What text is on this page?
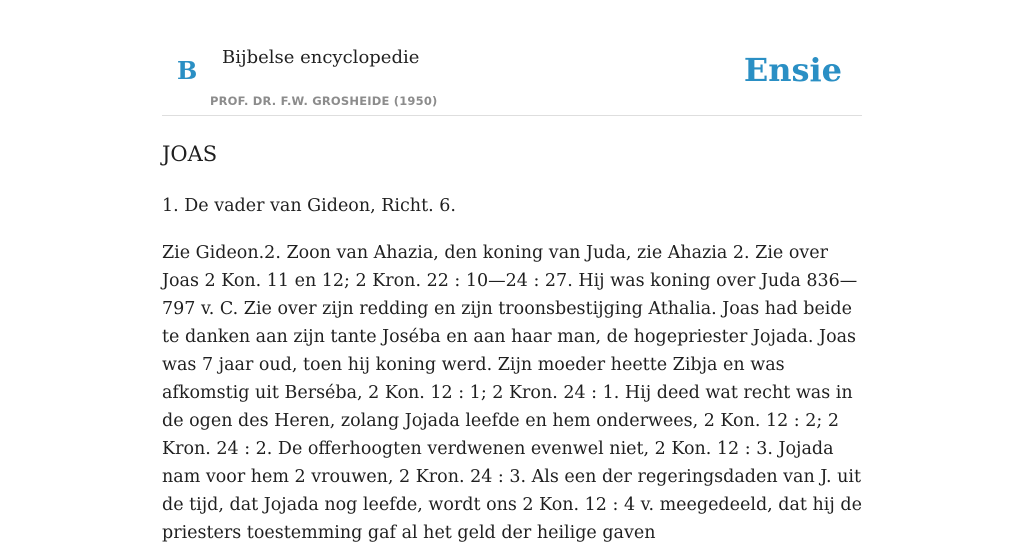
B Bijbelse encyclopedie
PROF. DR. F.W. GROSHEIDE (1950)
Ensie
JOAS

1. De vader van Gideon, Richt. 6.

Zie Gideon.2. Zoon van Ahazia, den koning van Juda, zie Ahazia 2. Zie over Joas 2 Kon. 11 en 12; 2 Kron. 22 : 10—24 : 27. Hij was koning over Juda 836—797 v. C. Zie over zijn redding en zijn troonsbestijging Athalia. Joas had beide te danken aan zijn tante Joséba en aan haar man, de hogepriester Jojada. Joas was 7 jaar oud, toen hij koning werd. Zijn moeder heette Zibja en was afkomstig uit Berséba, 2 Kon. 12 : 1; 2 Kron. 24 : 1. Hij deed wat recht was in de ogen des Heren, zolang Jojada leefde en hem onderwees, 2 Kon. 12 : 2; 2 Kron. 24 : 2. De offerhoogten verdwenen evenwel niet, 2 Kon. 12 : 3. Jojada nam voor hem 2 vrouwen, 2 Kron. 24 : 3. Als een der regeringsdaden van J. uit de tijd, dat Jojada nog leefde, wordt ons 2 Kon. 12 : 4 v. meegedeeld, dat hij de priesters toestemming gaf al het geld der heilige gaven
